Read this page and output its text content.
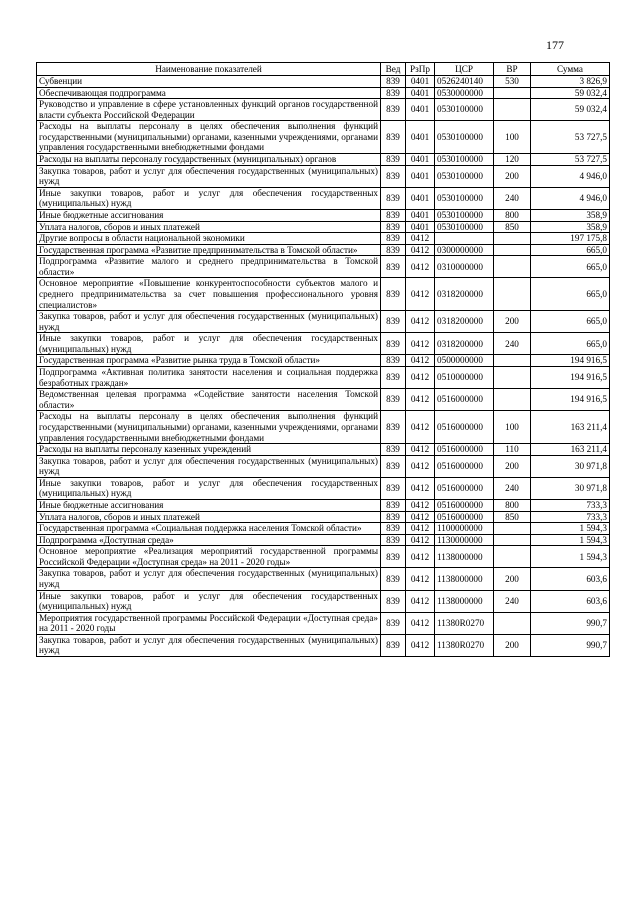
177
Наименование показателей	Вед	РзПр	ЦСР	ВР	Сумма
Субвенции	839	0401	0526240140	530	3 826,9
Обеспечивающая подпрограмма	839	0401	0530000000		59 032,4
Руководство и управление в сфере установленных функций органов государственной власти субъекта Российской Федерации	839	0401	0530100000		59 032,4
Расходы на выплаты персоналу в целях обеспечения выполнения функций государственными (муниципальными) органами, казенными учреждениями, органами управления государственными внебюджетными фондами	839	0401	0530100000	100	53 727,5
Расходы на выплаты персоналу государственных (муниципальных) органов	839	0401	0530100000	120	53 727,5
Закупка товаров, работ и услуг для обеспечения государственных (муниципальных) нужд	839	0401	0530100000	200	4 946,0
Иные закупки товаров, работ и услуг для обеспечения государственных (муниципальных) нужд	839	0401	0530100000	240	4 946,0
Иные бюджетные ассигнования	839	0401	0530100000	800	358,9
Уплата налогов, сборов и иных платежей	839	0401	0530100000	850	358,9
Другие вопросы в области национальной экономики	839	0412			197 175,8
Государственная программа «Развитие предпринимательства в Томской области»	839	0412	0300000000		665,0
Подпрограмма «Развитие малого и среднего предпринимательства в Томской области»	839	0412	0310000000		665,0
Основное мероприятие «Повышение конкурентоспособности субъектов малого и среднего предпринимательства за счет повышения профессионального уровня специалистов»	839	0412	0318200000		665,0
Закупка товаров, работ и услуг для обеспечения государственных (муниципальных) нужд	839	0412	0318200000	200	665,0
Иные закупки товаров, работ и услуг для обеспечения государственных (муниципальных) нужд	839	0412	0318200000	240	665,0
Государственная программа «Развитие рынка труда в Томской области»	839	0412	0500000000		194 916,5
Подпрограмма «Активная политика занятости населения и социальная поддержка безработных граждан»	839	0412	0510000000		194 916,5
Ведомственная целевая программа «Содействие занятости населения Томской области»	839	0412	0516000000		194 916,5
Расходы на выплаты персоналу в целях обеспечения выполнения функций государственными (муниципальными) органами, казенными учреждениями, органами управления государственными внебюджетными фондами	839	0412	0516000000	100	163 211,4
Расходы на выплаты персоналу казенных учреждений	839	0412	0516000000	110	163 211,4
Закупка товаров, работ и услуг для обеспечения государственных (муниципальных) нужд	839	0412	0516000000	200	30 971,8
Иные закупки товаров, работ и услуг для обеспечения государственных (муниципальных) нужд	839	0412	0516000000	240	30 971,8
Иные бюджетные ассигнования	839	0412	0516000000	800	733,3
Уплата налогов, сборов и иных платежей	839	0412	0516000000	850	733,3
Государственная программа «Социальная поддержка населения Томской области»	839	0412	1100000000		1 594,3
Подпрограмма «Доступная среда»	839	0412	1130000000		1 594,3
Основное мероприятие «Реализация мероприятий государственной программы Российской Федерации «Доступная среда» на 2011 - 2020 годы»	839	0412	1138000000		1 594,3
Закупка товаров, работ и услуг для обеспечения государственных (муниципальных) нужд	839	0412	1138000000	200	603,6
Иные закупки товаров, работ и услуг для обеспечения государственных (муниципальных) нужд	839	0412	1138000000	240	603,6
Мероприятия государственной программы Российской Федерации «Доступная среда» на 2011 - 2020 годы	839	0412	11380R0270		990,7
Закупка товаров, работ и услуг для обеспечения государственных (муниципальных) нужд	839	0412	11380R0270	200	990,7
